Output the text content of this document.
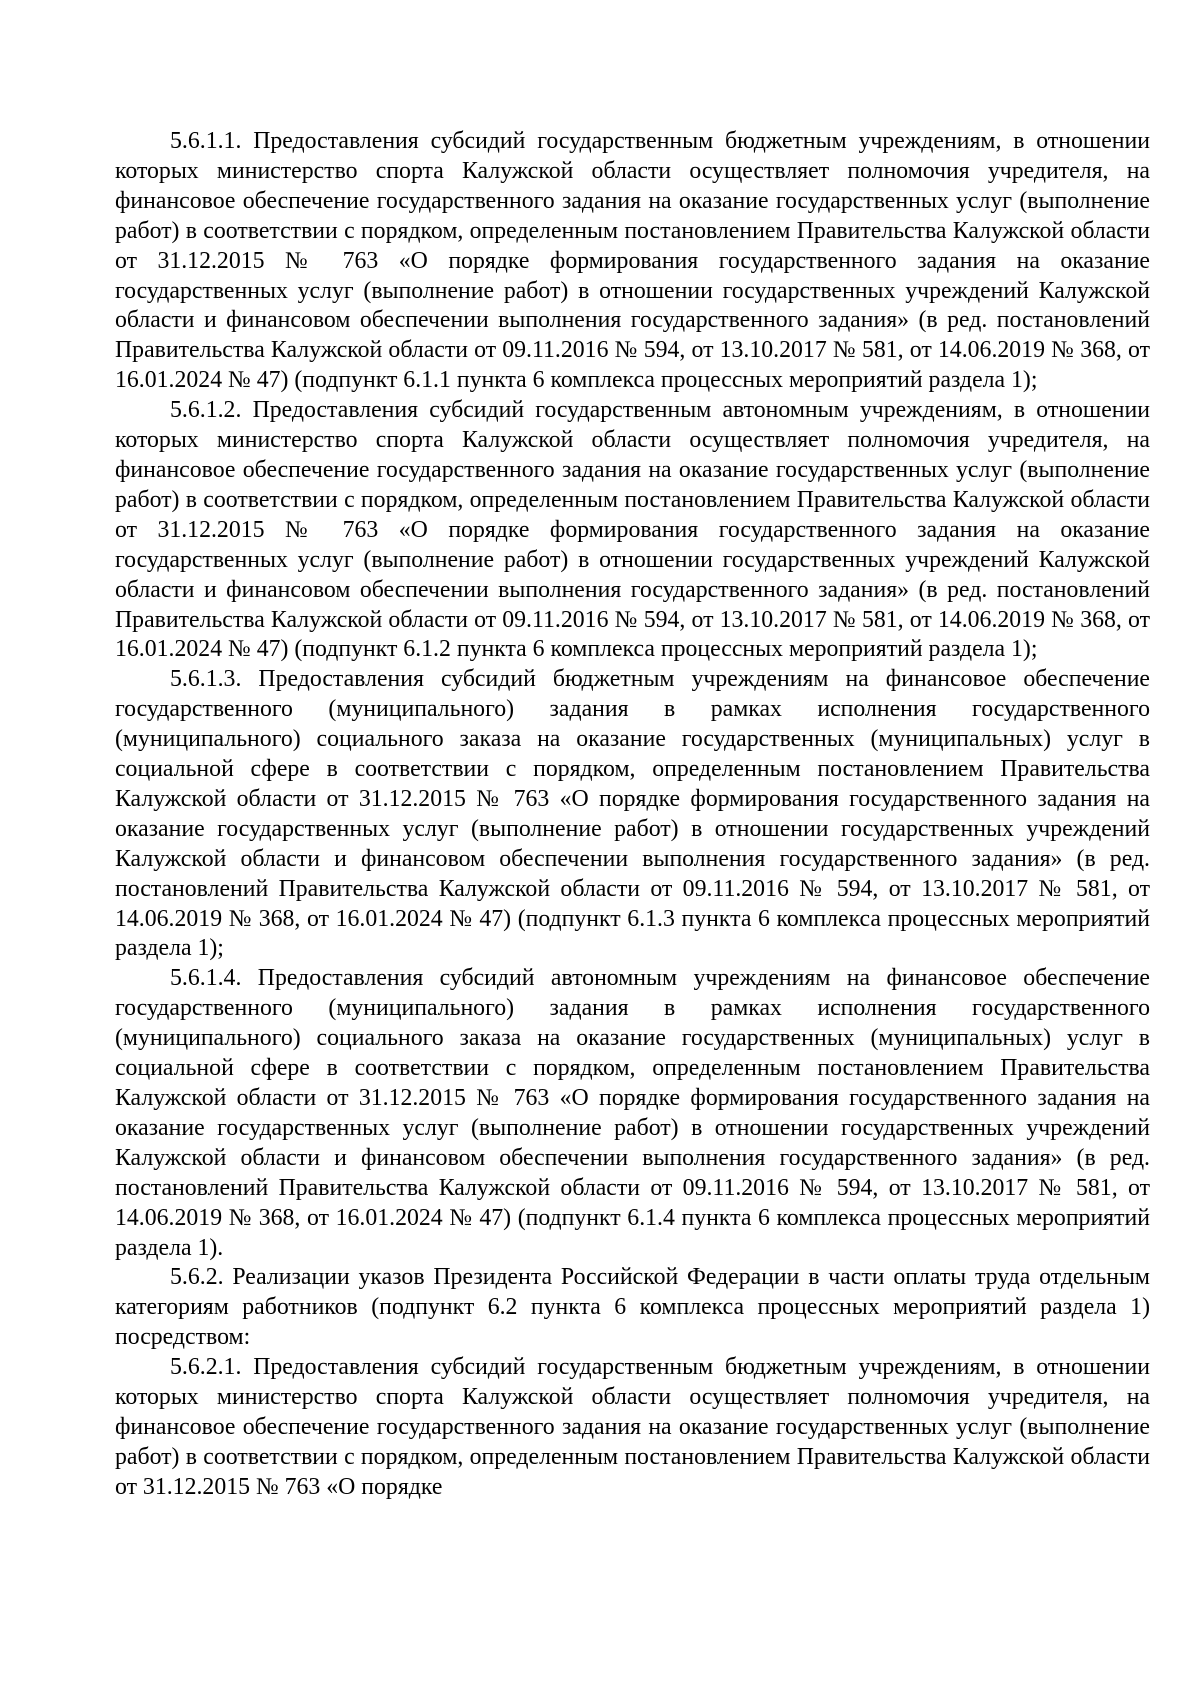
5.6.1.1. Предоставления субсидий государственным бюджетным учреждениям, в отношении которых министерство спорта Калужской области осуществляет полномочия учредителя, на финансовое обеспечение государственного задания на оказание государственных услуг (выполнение работ) в соответствии с порядком, определенным постановлением Правительства Калужской области от 31.12.2015 № 763 «О порядке формирования государственного задания на оказание государственных услуг (выполнение работ) в отношении государственных учреждений Калужской области и финансовом обеспечении выполнения государственного задания» (в ред. постановлений Правительства Калужской области от 09.11.2016 № 594, от 13.10.2017 № 581, от 14.06.2019 № 368, от 16.01.2024 № 47) (подпункт 6.1.1 пункта 6 комплекса процессных мероприятий раздела 1);

5.6.1.2. Предоставления субсидий государственным автономным учреждениям, в отношении которых министерство спорта Калужской области осуществляет полномочия учредителя, на финансовое обеспечение государственного задания на оказание государственных услуг (выполнение работ) в соответствии с порядком, определенным постановлением Правительства Калужской области от 31.12.2015 № 763 «О порядке формирования государственного задания на оказание государственных услуг (выполнение работ) в отношении государственных учреждений Калужской области и финансовом обеспечении выполнения государственного задания» (в ред. постановлений Правительства Калужской области от 09.11.2016 № 594, от 13.10.2017 № 581, от 14.06.2019 № 368, от 16.01.2024 № 47) (подпункт 6.1.2 пункта 6 комплекса процессных мероприятий раздела 1);

5.6.1.3. Предоставления субсидий бюджетным учреждениям на финансовое обеспечение государственного (муниципального) задания в рамках исполнения государственного (муниципального) социального заказа на оказание государственных (муниципальных) услуг в социальной сфере в соответствии с порядком, определенным постановлением Правительства Калужской области от 31.12.2015 № 763 «О порядке формирования государственного задания на оказание государственных услуг (выполнение работ) в отношении государственных учреждений Калужской области и финансовом обеспечении выполнения государственного задания» (в ред. постановлений Правительства Калужской области от 09.11.2016 № 594, от 13.10.2017 № 581, от 14.06.2019 № 368, от 16.01.2024 № 47) (подпункт 6.1.3 пункта 6 комплекса процессных мероприятий раздела 1);

5.6.1.4. Предоставления субсидий автономным учреждениям на финансовое обеспечение государственного (муниципального) задания в рамках исполнения государственного (муниципального) социального заказа на оказание государственных (муниципальных) услуг в социальной сфере в соответствии с порядком, определенным постановлением Правительства Калужской области от 31.12.2015 № 763 «О порядке формирования государственного задания на оказание государственных услуг (выполнение работ) в отношении государственных учреждений Калужской области и финансовом обеспечении выполнения государственного задания» (в ред. постановлений Правительства Калужской области от 09.11.2016 № 594, от 13.10.2017 № 581, от 14.06.2019 № 368, от 16.01.2024 № 47) (подпункт 6.1.4 пункта 6 комплекса процессных мероприятий раздела 1).

5.6.2. Реализации указов Президента Российской Федерации в части оплаты труда отдельным категориям работников (подпункт 6.2 пункта 6 комплекса процессных мероприятий раздела 1) посредством:

5.6.2.1. Предоставления субсидий государственным бюджетным учреждениям, в отношении которых министерство спорта Калужской области осуществляет полномочия учредителя, на финансовое обеспечение государственного задания на оказание государственных услуг (выполнение работ) в соответствии с порядком, определенным постановлением Правительства Калужской области от 31.12.2015 № 763 «О порядке
